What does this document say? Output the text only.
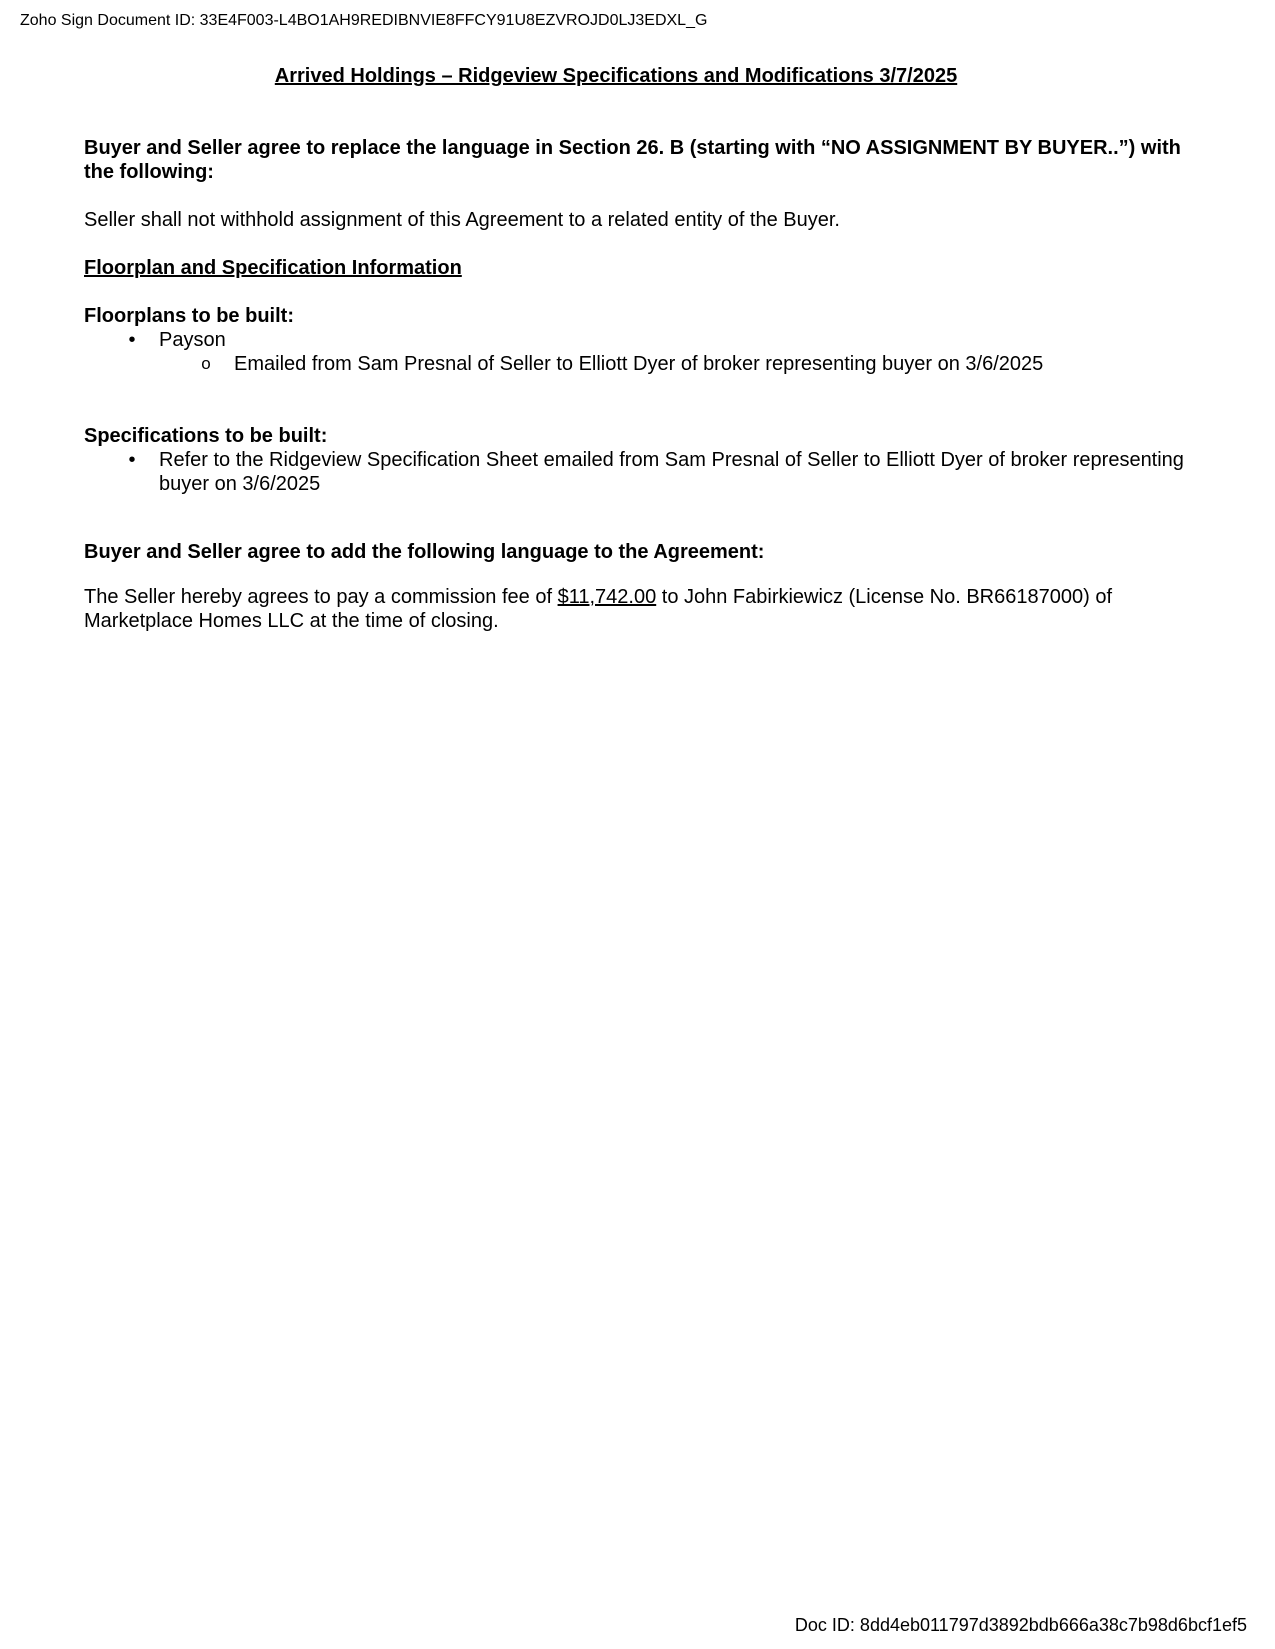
Zoho Sign Document ID: 33E4F003-L4BO1AH9REDIBNVIE8FFCY91U8EZVROJD0LJ3EDXL_G
Arrived Holdings – Ridgeview Specifications and Modifications 3/7/2025

Buyer and Seller agree to replace the language in Section 26. B (starting with “NO ASSIGNMENT BY BUYER..”) with the following:

Seller shall not withhold assignment of this Agreement to a related entity of the Buyer.

Floorplan and Specification Information

Floorplans to be built:

•	Payson
o Emailed from Sam Presnal of Seller to Elliott Dyer of broker representing buyer on 3/6/2025

Specifications to be built:

•	Refer to the Ridgeview Specification Sheet emailed from Sam Presnal of Seller to Elliott Dyer of broker representing buyer on 3/6/2025

Buyer and Seller agree to add the following language to the Agreement:

The Seller hereby agrees to pay a commission fee of $11,742.00 to John Fabirkiewicz (License No. BR66187000) of Marketplace Homes LLC at the time of closing.

Doc ID: 8dd4eb011797d3892bdb666a38c7b98d6bcf1ef5
